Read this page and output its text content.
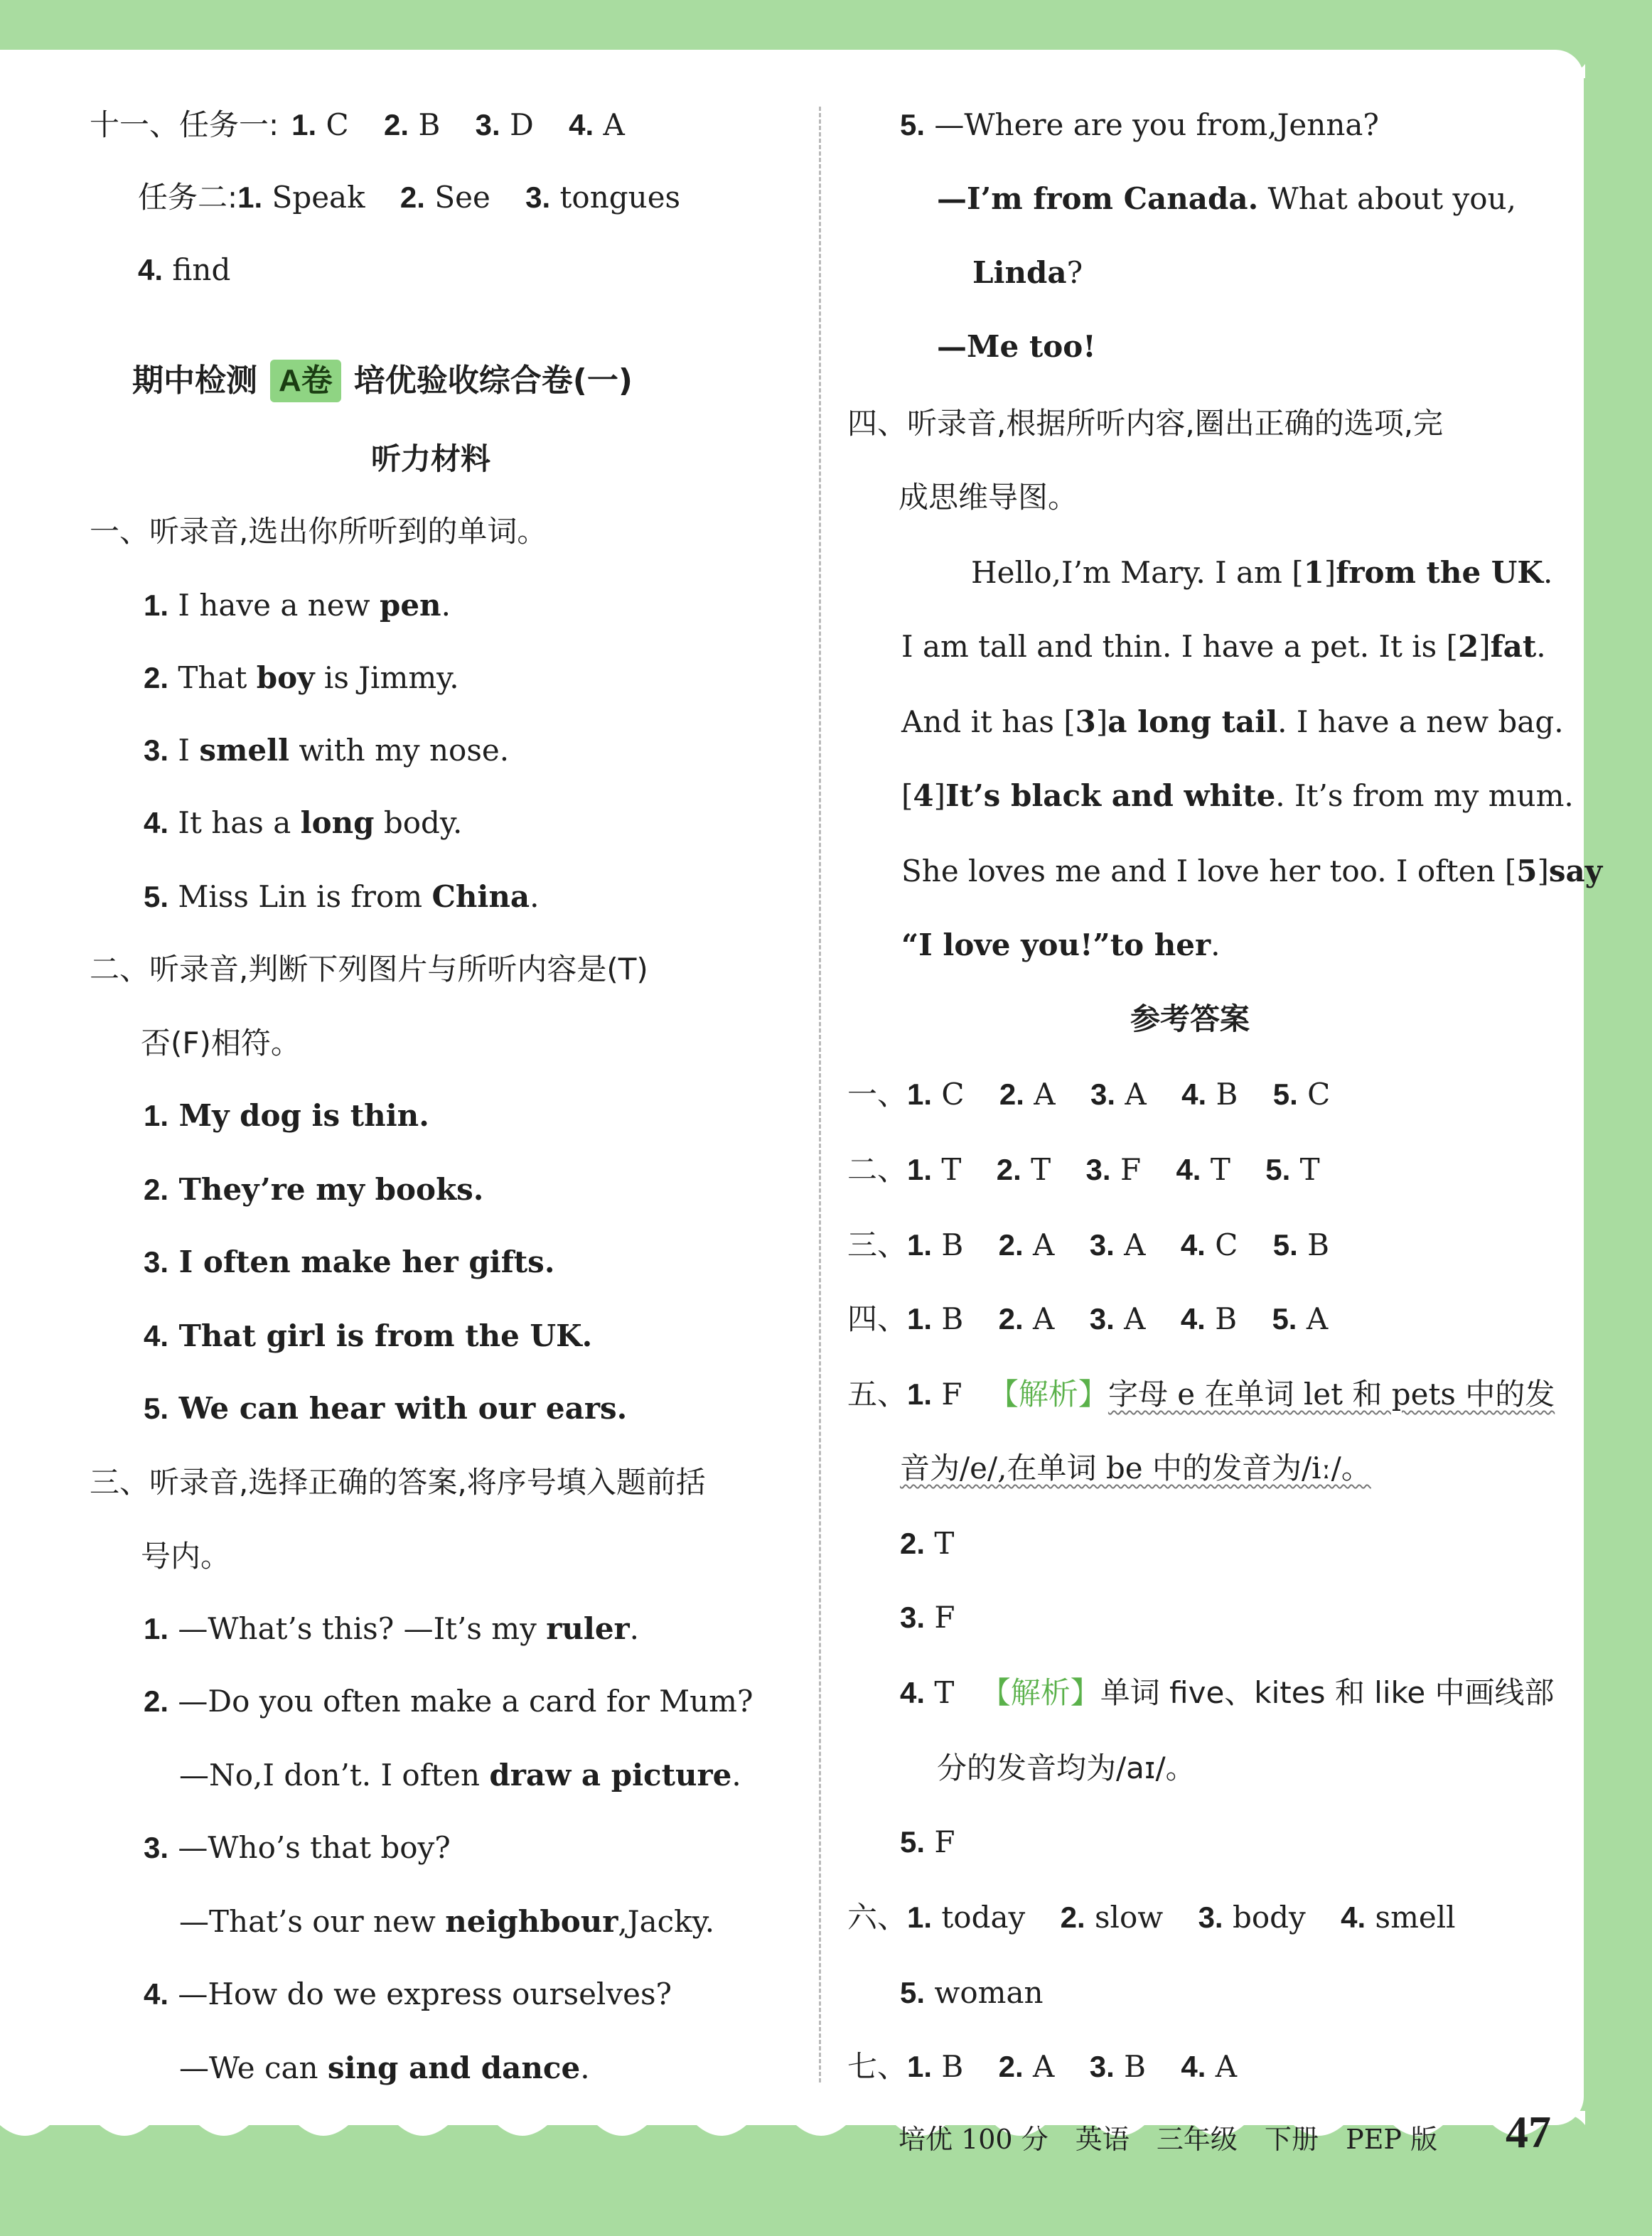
十一、任务一: 1. C 2. B 3. D 4. A
任务二:1. Speak 2. See 3. tongues
4. find
期中检测 A卷 培优验收综合卷(一)
听力材料
一、听录音,选出你所听到的单词。
1. I have a new pen.
2. That boy is Jimmy.
3. I smell with my nose.
4. It has a long body.
5. Miss Lin is from China.
二、听录音,判断下列图片与所听内容是(T)
否(F)相符。
1. My dog is thin.
2. They’re my books.
3. I often make her gifts.
4. That girl is from the UK.
5. We can hear with our ears.
三、听录音,选择正确的答案,将序号填入题前括
号内。
1. —What’s this? —It’s my ruler.
2. —Do you often make a card for Mum?
—No,I don’t. I often draw a picture.
3. —Who’s that boy?
—That’s our new neighbour,Jacky.
4. —How do we express ourselves?
—We can sing and dance.
5. —Where are you from,Jenna?
—I’m from Canada. What about you,
Linda?
—Me too!
四、听录音,根据所听内容,圈出正确的选项,完
成思维导图。
Hello,I’m Mary. I am [1]from the UK.
I am tall and thin. I have a pet. It is [2]fat.
And it has [3]a long tail. I have a new bag.
[4]It’s black and white. It’s from my mum.
She loves me and I love her too. I often [5]say
“I love you!”to her.
参考答案
一、1. C 2. A 3. A 4. B 5. C
二、1. T 2. T 3. F 4. T 5. T
三、1. B 2. A 3. A 4. C 5. B
四、1. B 2. A 3. A 4. B 5. A
五、1. F 【解析】字母 e 在单词 let 和 pets 中的发
音为/e/,在单词 be 中的发音为/iː/。
2. T
3. F
4. T 【解析】单词 five、kites 和 like 中画线部
分的发音均为/aɪ/。
5. F
六、1. today 2. slow 3. body 4. smell
5. woman
七、1. B 2. A 3. B 4. A
培优 100 分 英语 三年级 下册 PEP 版	47
